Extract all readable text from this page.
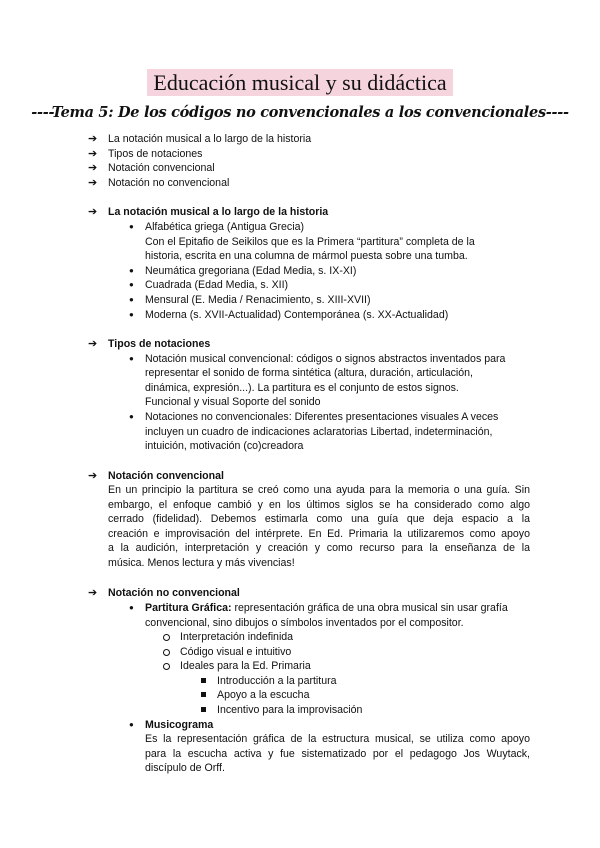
Educación musical y su didáctica
----Tema 5: De los códigos no convencionales a los convencionales----
➔ La notación musical a lo largo de la historia
➔ Tipos de notaciones
➔ Notación convencional
➔ Notación no convencional
➔ La notación musical a lo largo de la historia
● Alfabética griega (Antigua Grecia)
Con el Epitafio de Seikilos que es la Primera “partitura” completa de la
historia, escrita en una columna de mármol puesta sobre una tumba.
● Neumática gregoriana (Edad Media, s. IX-XI)
● Cuadrada (Edad Media, s. XII)
● Mensural (E. Media / Renacimiento, s. XIII-XVII)
● Moderna (s. XVII-Actualidad) Contemporánea (s. XX-Actualidad)
➔ Tipos de notaciones
● Notación musical convencional: códigos o signos abstractos inventados para
representar el sonido de forma sintética (altura, duración, articulación,
dinámica, expresión...). La partitura es el conjunto de estos signos.
Funcional y visual Soporte del sonido
● Notaciones no convencionales: Diferentes presentaciones visuales A veces
incluyen un cuadro de indicaciones aclaratorias Libertad, indeterminación,
intuición, motivación (co)creadora
➔ Notación convencional
En un principio la partitura se creó como una ayuda para la memoria o una guía. Sin
embargo, el enfoque cambió y en los últimos siglos se ha considerado como algo
cerrado (fidelidad). Debemos estimarla como una guía que deja espacio a la
creación e improvisación del intérprete. En Ed. Primaria la utilizaremos como apoyo
a la audición, interpretación y creación y como recurso para la enseñanza de la
música. Menos lectura y más vivencias!
➔ Notación no convencional
● Partitura Gráfica: representación gráfica de una obra musical sin usar grafía
convencional, sino dibujos o símbolos inventados por el compositor.
Interpretación indefinida
Código visual e intuitivo
Ideales para la Ed. Primaria
Introducción a la partitura
Apoyo a la escucha
Incentivo para la improvisación
● Musicograma
Es la representación gráfica de la estructura musical, se utiliza como apoyo
para la escucha activa y fue sistematizado por el pedagogo Jos Wuytack,
discípulo de Orff.
